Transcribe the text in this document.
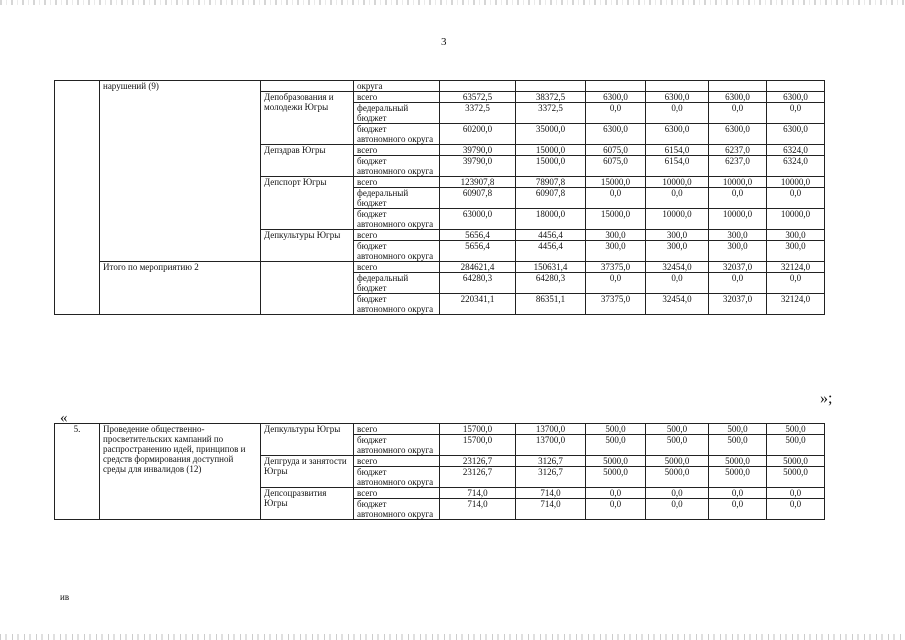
3
	нарушений (9)		округа						
		Депобразования и молодежи Югры	всего	63572,5	38372,5	6300,0	6300,0	6300,0	6300,0
			федеральный бюджет	3372,5	3372,5	0,0	0,0	0,0	0,0
			бюджет автономного округа	60200,0	35000,0	6300,0	6300,0	6300,0	6300,0
		Депздрав Югры	всего	39790,0	15000,0	6075,0	6154,0	6237,0	6324,0
			бюджет автономного округа	39790,0	15000,0	6075,0	6154,0	6237,0	6324,0
		Депспорт Югры	всего	123907,8	78907,8	15000,0	10000,0	10000,0	10000,0
			федеральный бюджет	60907,8	60907,8	0,0	0,0	0,0	0,0
			бюджет автономного округа	63000,0	18000,0	15000,0	10000,0	10000,0	10000,0
		Депкультуры Югры	всего	5656,4	4456,4	300,0	300,0	300,0	300,0
			бюджет автономного округа	5656,4	4456,4	300,0	300,0	300,0	300,0
	Итого по мероприятию 2		всего	284621,4	150631,4	37375,0	32454,0	32037,0	32124,0
			федеральный бюджет	64280,3	64280,3	0,0	0,0	0,0	0,0
			бюджет автономного округа	220341,1	86351,1	37375,0	32454,0	32037,0	32124,0
»;
«
5.	Проведение общественно-просветительских кампаний по распространению идей, принципов и средств формирования доступной среды для инвалидов (12)	Депкультуры Югры	всего	15700,0	13700,0	500,0	500,0	500,0	500,0
			бюджет автономного округа	15700,0	13700,0	500,0	500,0	500,0	500,0
		Депгруда и занятости Югры	всего	23126,7	3126,7	5000,0	5000,0	5000,0	5000,0
			бюджет автономного округа	23126,7	3126,7	5000,0	5000,0	5000,0	5000,0
		Депсоцразвития Югры	всего	714,0	714,0	0,0	0,0	0,0	0,0
			бюджет автономного округа	714,0	714,0	0,0	0,0	0,0	0,0
ив
